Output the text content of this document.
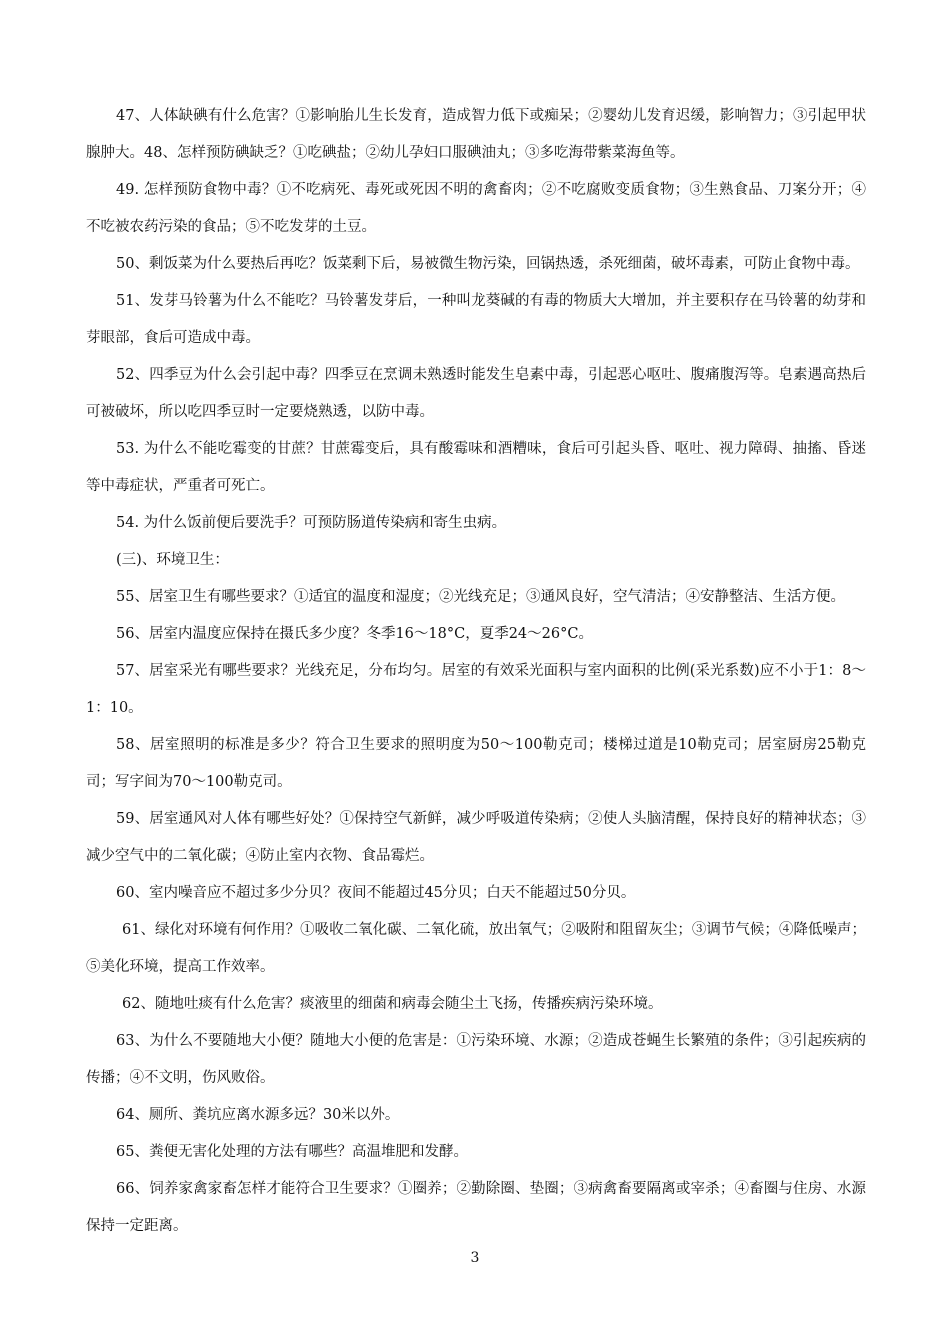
47、人体缺碘有什么危害？①影响胎儿生长发育，造成智力低下或痴呆；②婴幼儿发育迟缓，影响智力；③引起甲状腺肿大。48、怎样预防碘缺乏？①吃碘盐；②幼儿孕妇口服碘油丸；③多吃海带紫菜海鱼等。

49. 怎样预防食物中毒？①不吃病死、毒死或死因不明的禽畜肉；②不吃腐败变质食物；③生熟食品、刀案分开；④不吃被农药污染的食品；⑤不吃发芽的土豆。

50、剩饭菜为什么要热后再吃？饭菜剩下后，易被微生物污染，回锅热透，杀死细菌，破坏毒素，可防止食物中毒。

51、发芽马铃薯为什么不能吃？马铃薯发芽后，一种叫龙葵碱的有毒的物质大大增加，并主要积存在马铃薯的幼芽和芽眼部，食后可造成中毒。

52、四季豆为什么会引起中毒？四季豆在烹调未熟透时能发生皂素中毒，引起恶心呕吐、腹痛腹泻等。皂素遇高热后可被破坏，所以吃四季豆时一定要烧熟透，以防中毒。

53. 为什么不能吃霉变的甘蔗？甘蔗霉变后，具有酸霉味和酒糟味，食后可引起头昏、呕吐、视力障碍、抽搐、昏迷等中毒症状，严重者可死亡。

54. 为什么饭前便后要洗手？可预防肠道传染病和寄生虫病。

(三)、环境卫生：

55、居室卫生有哪些要求？①适宜的温度和湿度；②光线充足；③通风良好，空气清洁；④安静整洁、生活方便。

56、居室内温度应保持在摄氏多少度？冬季16～18°C，夏季24～26°C。

57、居室采光有哪些要求？光线充足，分布均匀。居室的有效采光面积与室内面积的比例(采光系数)应不小于1：8～1：10。

58、居室照明的标准是多少？符合卫生要求的照明度为50～100勒克司；楼梯过道是10勒克司；居室厨房25勒克司；写字间为70～100勒克司。

59、居室通风对人体有哪些好处？①保持空气新鲜，减少呼吸道传染病；②使人头脑清醒，保持良好的精神状态；③减少空气中的二氧化碳；④防止室内衣物、食品霉烂。

60、室内噪音应不超过多少分贝？夜间不能超过45分贝；白天不能超过50分贝。

61、绿化对环境有何作用？①吸收二氧化碳、二氧化硫，放出氧气；②吸附和阻留灰尘；③调节气候；④降低噪声；⑤美化环境，提高工作效率。

62、随地吐痰有什么危害？痰液里的细菌和病毒会随尘土飞扬，传播疾病污染环境。

63、为什么不要随地大小便？随地大小便的危害是：①污染环境、水源；②造成苍蝇生长繁殖的条件；③引起疾病的传播；④不文明，伤风败俗。

64、厕所、粪坑应离水源多远？30米以外。

65、粪便无害化处理的方法有哪些？高温堆肥和发酵。

66、饲养家禽家畜怎样才能符合卫生要求？①圈养；②勤除圈、垫圈；③病禽畜要隔离或宰杀；④畜圈与住房、水源保持一定距离。

3
